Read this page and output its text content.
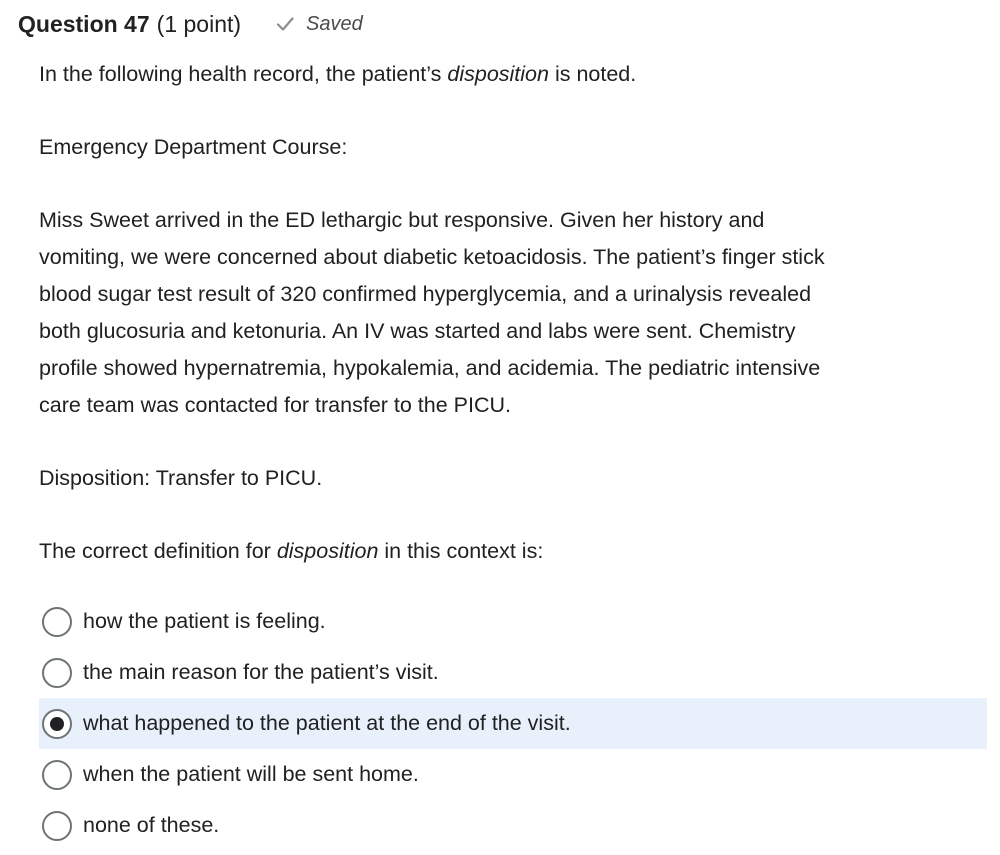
Question 47 (1 point)	Saved

In the following health record, the patient’s disposition is noted.

Emergency Department Course:

Miss Sweet arrived in the ED lethargic but responsive. Given her history and

vomiting, we were concerned about diabetic ketoacidosis. The patient’s finger stick

blood sugar test result of 320 confirmed hyperglycemia, and a urinalysis revealed

both glucosuria and ketonuria. An IV was started and labs were sent. Chemistry

profile showed hypernatremia, hypokalemia, and acidemia. The pediatric intensive

care team was contacted for transfer to the PICU.

Disposition: Transfer to PICU.

The correct definition for disposition in this context is:

how the patient is feeling.
the main reason for the patient’s visit.
what happened to the patient at the end of the visit.
when the patient will be sent home.
none of these.
